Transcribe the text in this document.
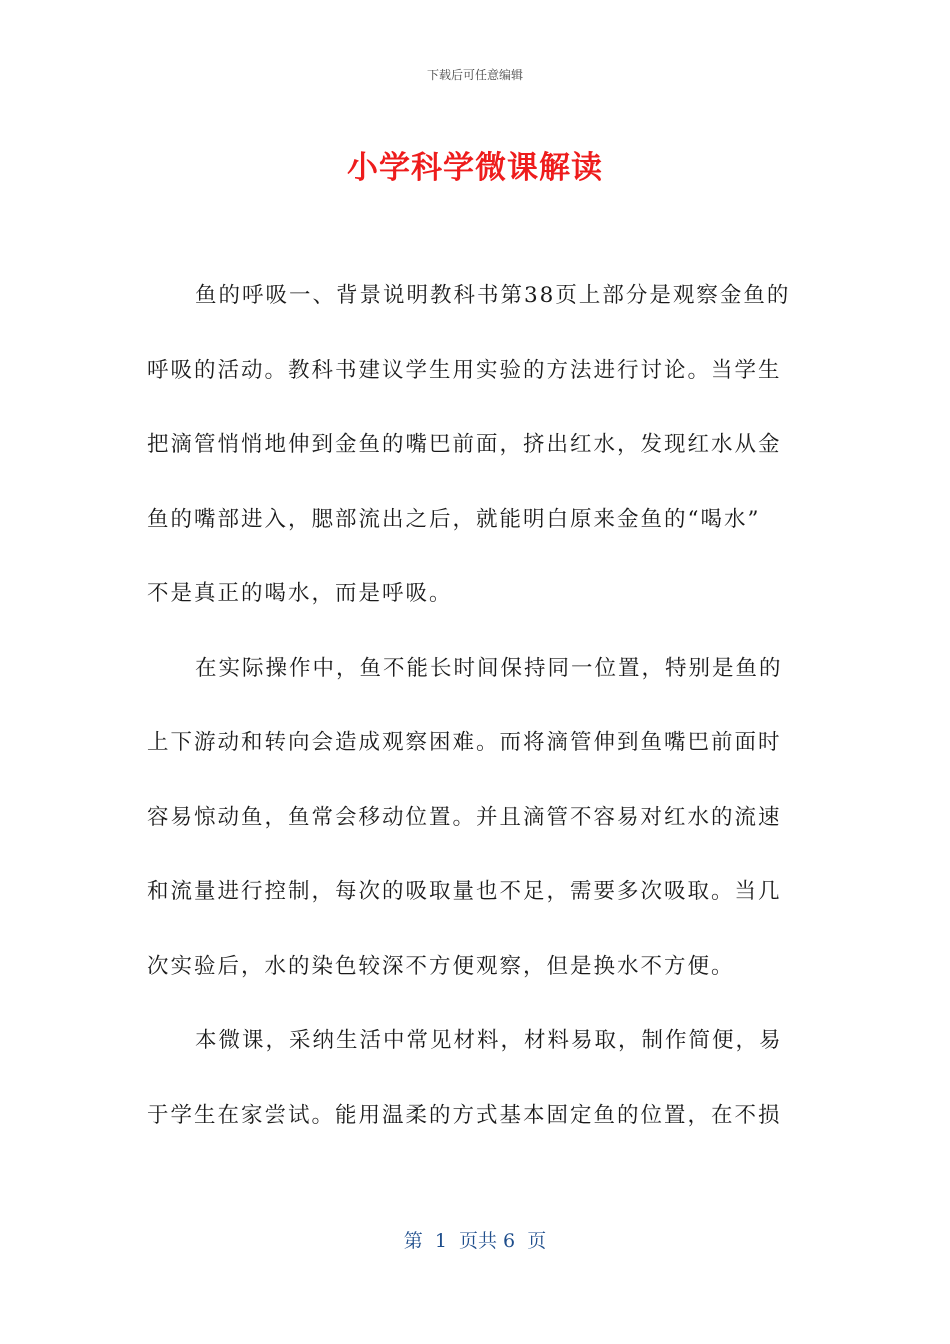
下载后可任意编辑
小学科学微课解读
鱼的呼吸一、背景说明教科书第38页上部分是观察金鱼的
呼吸的活动。教科书建议学生用实验的方法进行讨论。当学生
把滴管悄悄地伸到金鱼的嘴巴前面，挤出红水，发现红水从金
鱼的嘴部进入，腮部流出之后，就能明白原来金鱼的“喝水”
不是真正的喝水，而是呼吸。
在实际操作中，鱼不能长时间保持同一位置，特别是鱼的
上下游动和转向会造成观察困难。而将滴管伸到鱼嘴巴前面时
容易惊动鱼，鱼常会移动位置。并且滴管不容易对红水的流速
和流量进行控制，每次的吸取量也不足，需要多次吸取。当几
次实验后，水的染色较深不方便观察，但是换水不方便。
本微课，采纳生活中常见材料，材料易取，制作简便，易
于学生在家尝试。能用温柔的方式基本固定鱼的位置，在不损
第  1  页共 6  页
